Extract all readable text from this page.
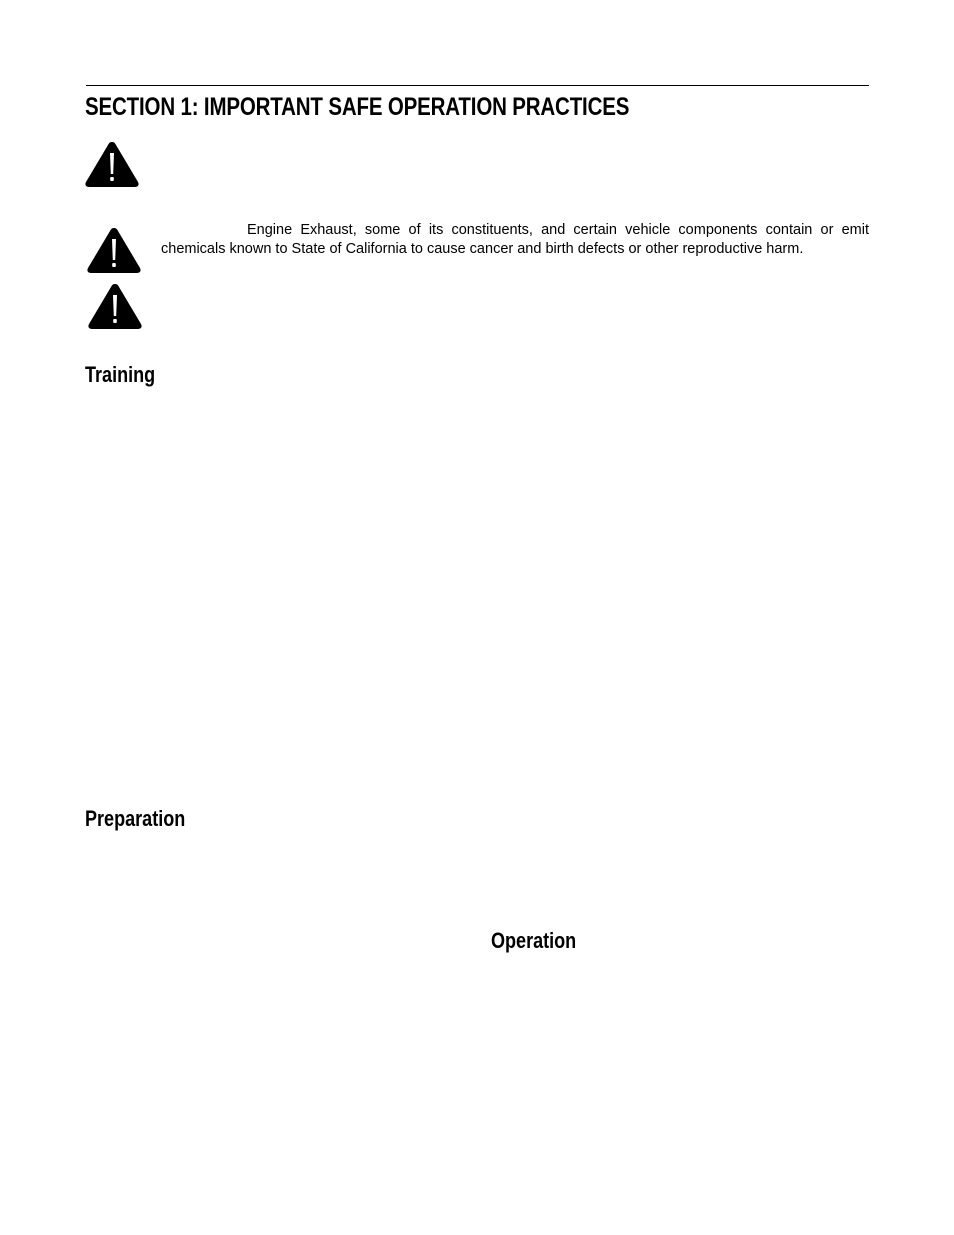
SECTION 1: IMPORTANT SAFE OPERATION PRACTICES

Engine Exhaust, some of its constituents, and certain vehicle components contain or emit chemicals known to State of California to cause cancer and birth defects or other reproductive harm.

Training
Preparation
Operation
